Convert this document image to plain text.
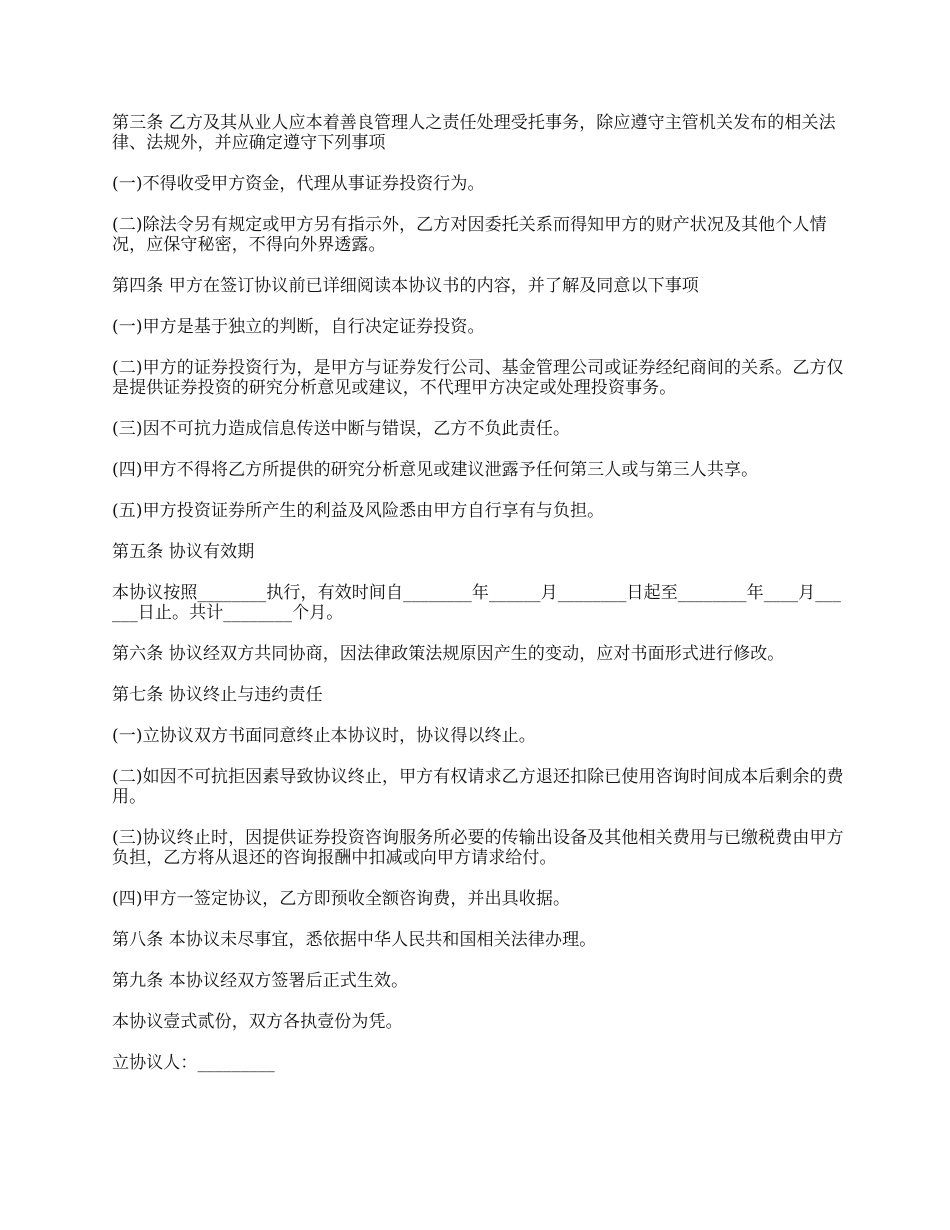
第三条 乙方及其从业人应本着善良管理人之责任处理受托事务，除应遵守主管机关发布的相关法律、法规外，并应确定遵守下列事项

(一)不得收受甲方资金，代理从事证券投资行为。

(二)除法令另有规定或甲方另有指示外，乙方对因委托关系而得知甲方的财产状况及其他个人情况，应保守秘密，不得向外界透露。

第四条 甲方在签订协议前已详细阅读本协议书的内容，并了解及同意以下事项

(一)甲方是基于独立的判断，自行决定证券投资。

(二)甲方的证券投资行为，是甲方与证券发行公司、基金管理公司或证券经纪商间的关系。乙方仅是提供证券投资的研究分析意见或建议，不代理甲方决定或处理投资事务。

(三)因不可抗力造成信息传送中断与错误，乙方不负此责任。

(四)甲方不得将乙方所提供的研究分析意见或建议泄露予任何第三人或与第三人共享。

(五)甲方投资证券所产生的利益及风险悉由甲方自行享有与负担。

第五条 协议有效期

本协议按照________执行，有效时间自________年______月________日起至________年____月______日止。共计________个月。

第六条 协议经双方共同协商，因法律政策法规原因产生的变动，应对书面形式进行修改。

第七条 协议终止与违约责任

(一)立协议双方书面同意终止本协议时，协议得以终止。

(二)如因不可抗拒因素导致协议终止，甲方有权请求乙方退还扣除已使用咨询时间成本后剩余的费用。

(三)协议终止时，因提供证券投资咨询服务所必要的传输出设备及其他相关费用与已缴税费由甲方负担，乙方将从退还的咨询报酬中扣减或向甲方请求给付。

(四)甲方一签定协议，乙方即预收全额咨询费，并出具收据。

第八条 本协议未尽事宜，悉依据中华人民共和国相关法律办理。

第九条 本协议经双方签署后正式生效。

本协议壹式贰份，双方各执壹份为凭。

立协议人：_________
